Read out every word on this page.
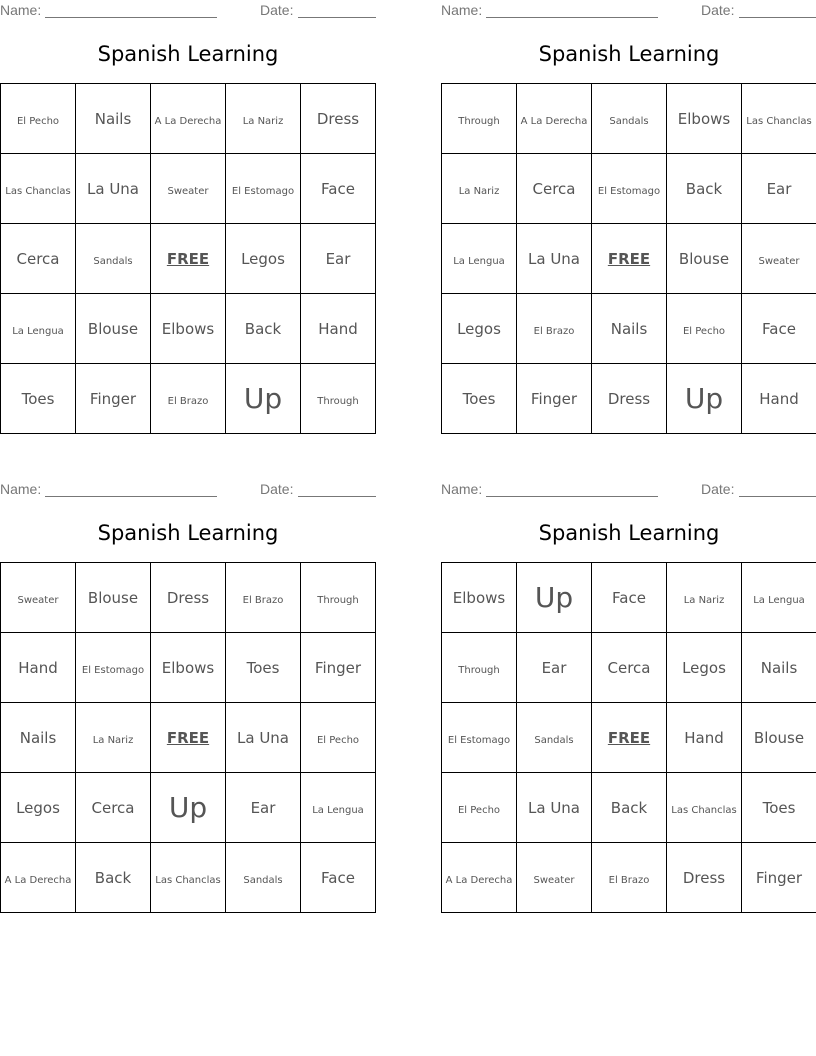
Name:	Date:
Spanish Learning
El Pecho	Nails	A La Derecha	La Nariz	Dress
Las Chanclas	La Una	Sweater	El Estomago	Face
Cerca	Sandals	FREE	Legos	Ear
La Lengua	Blouse	Elbows	Back	Hand
Toes	Finger	El Brazo	Up	Through
Name:	Date:
Spanish Learning
Through	A La Derecha	Sandals	Elbows	Las Chanclas
La Nariz	Cerca	El Estomago	Back	Ear
La Lengua	La Una	FREE	Blouse	Sweater
Legos	El Brazo	Nails	El Pecho	Face
Toes	Finger	Dress	Up	Hand
Name:	Date:
Spanish Learning
Sweater	Blouse	Dress	El Brazo	Through
Hand	El Estomago	Elbows	Toes	Finger
Nails	La Nariz	FREE	La Una	El Pecho
Legos	Cerca	Up	Ear	La Lengua
A La Derecha	Back	Las Chanclas	Sandals	Face
Name:	Date:
Spanish Learning
Elbows	Up	Face	La Nariz	La Lengua
Through	Ear	Cerca	Legos	Nails
El Estomago	Sandals	FREE	Hand	Blouse
El Pecho	La Una	Back	Las Chanclas	Toes
A La Derecha	Sweater	El Brazo	Dress	Finger
